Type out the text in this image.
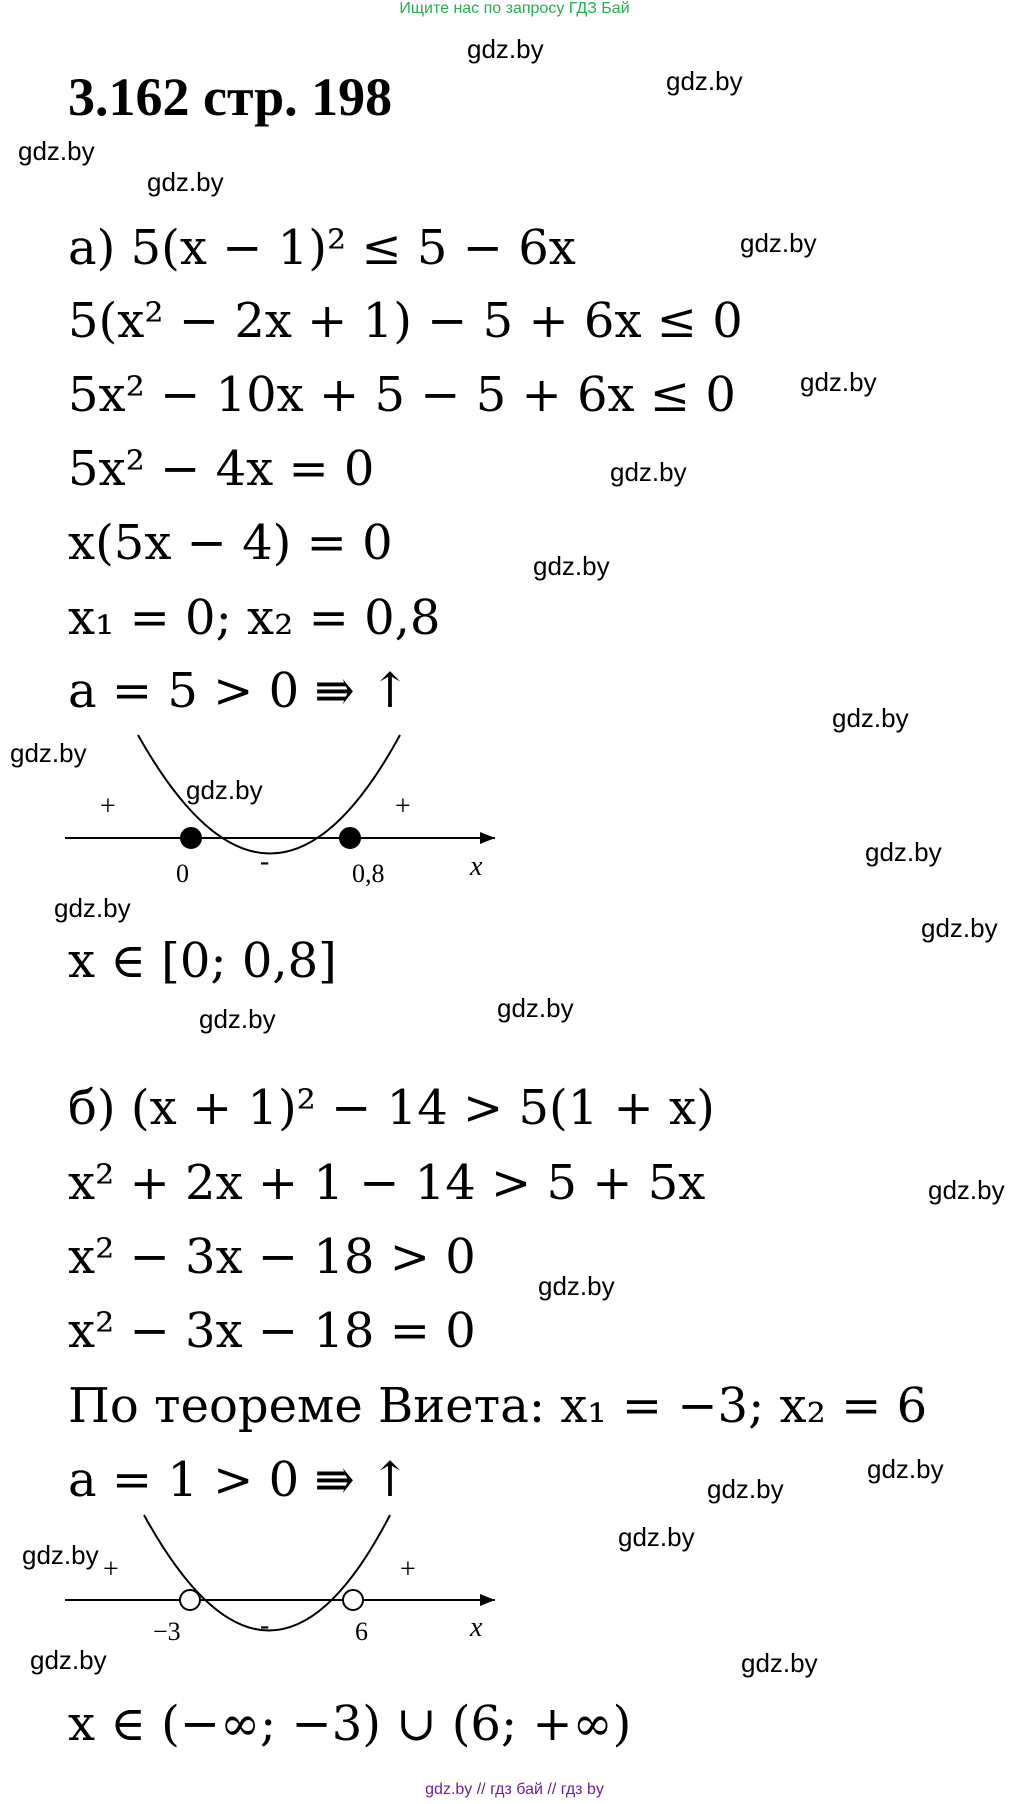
Ищите нас по запросу ГДЗ Бай
3.162 стр. 198
gdz.by
gdz.by
gdz.by
gdz.by
gdz.by
gdz.by
gdz.by
gdz.by
gdz.by
gdz.by
gdz.by
gdz.by
gdz.by
gdz.by
gdz.by
gdz.by
gdz.by
gdz.by
gdz.by
gdz.by
gdz.by
gdz.by
gdz.by	gdz.by
а) 5(x − 1)² ≤ 5 − 6x
5(x² − 2x + 1) − 5 + 6x ≤ 0
5x² − 10x + 5 − 5 + 6x ≤ 0
5x² − 4x = 0
x(5x − 4) = 0
x₁ = 0; x₂ = 0,8
a = 5 > 0 ⇛ ↑
+
-
+
0	0,8	x
x ∈ [0; 0,8]
б) (x + 1)² − 14 > 5(1 + x)
x² + 2x + 1 − 14 > 5 + 5x
x² − 3x − 18 > 0
x² − 3x − 18 = 0
По теореме Виета: x₁ = −3; x₂ = 6
a = 1 > 0 ⇛ ↑
+
-
+
−3	6	x
x ∈ (−∞; −3) ∪ (6; +∞)
gdz.by // гдз бай // гдз by
